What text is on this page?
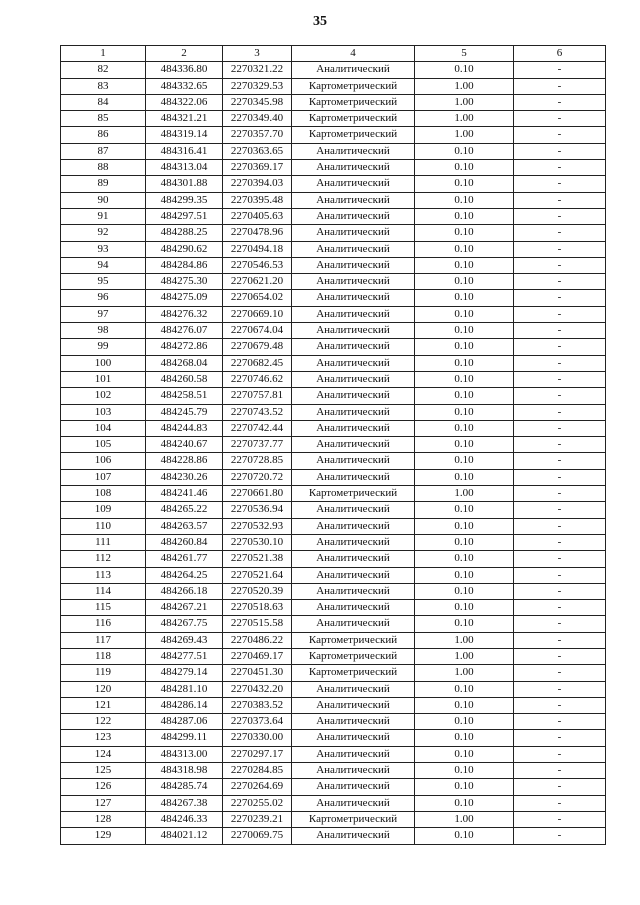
35
1	2	3	4	5	6
82	484336.80	2270321.22	Аналитический	0.10	-
83	484332.65	2270329.53	Картометрический	1.00	-
84	484322.06	2270345.98	Картометрический	1.00	-
85	484321.21	2270349.40	Картометрический	1.00	-
86	484319.14	2270357.70	Картометрический	1.00	-
87	484316.41	2270363.65	Аналитический	0.10	-
88	484313.04	2270369.17	Аналитический	0.10	-
89	484301.88	2270394.03	Аналитический	0.10	-
90	484299.35	2270395.48	Аналитический	0.10	-
91	484297.51	2270405.63	Аналитический	0.10	-
92	484288.25	2270478.96	Аналитический	0.10	-
93	484290.62	2270494.18	Аналитический	0.10	-
94	484284.86	2270546.53	Аналитический	0.10	-
95	484275.30	2270621.20	Аналитический	0.10	-
96	484275.09	2270654.02	Аналитический	0.10	-
97	484276.32	2270669.10	Аналитический	0.10	-
98	484276.07	2270674.04	Аналитический	0.10	-
99	484272.86	2270679.48	Аналитический	0.10	-
100	484268.04	2270682.45	Аналитический	0.10	-
101	484260.58	2270746.62	Аналитический	0.10	-
102	484258.51	2270757.81	Аналитический	0.10	-
103	484245.79	2270743.52	Аналитический	0.10	-
104	484244.83	2270742.44	Аналитический	0.10	-
105	484240.67	2270737.77	Аналитический	0.10	-
106	484228.86	2270728.85	Аналитический	0.10	-
107	484230.26	2270720.72	Аналитический	0.10	-
108	484241.46	2270661.80	Картометрический	1.00	-
109	484265.22	2270536.94	Аналитический	0.10	-
110	484263.57	2270532.93	Аналитический	0.10	-
111	484260.84	2270530.10	Аналитический	0.10	-
112	484261.77	2270521.38	Аналитический	0.10	-
113	484264.25	2270521.64	Аналитический	0.10	-
114	484266.18	2270520.39	Аналитический	0.10	-
115	484267.21	2270518.63	Аналитический	0.10	-
116	484267.75	2270515.58	Аналитический	0.10	-
117	484269.43	2270486.22	Картометрический	1.00	-
118	484277.51	2270469.17	Картометрический	1.00	-
119	484279.14	2270451.30	Картометрический	1.00	-
120	484281.10	2270432.20	Аналитический	0.10	-
121	484286.14	2270383.52	Аналитический	0.10	-
122	484287.06	2270373.64	Аналитический	0.10	-
123	484299.11	2270330.00	Аналитический	0.10	-
124	484313.00	2270297.17	Аналитический	0.10	-
125	484318.98	2270284.85	Аналитический	0.10	-
126	484285.74	2270264.69	Аналитический	0.10	-
127	484267.38	2270255.02	Аналитический	0.10	-
128	484246.33	2270239.21	Картометрический	1.00	-
129	484021.12	2270069.75	Аналитический	0.10	-
